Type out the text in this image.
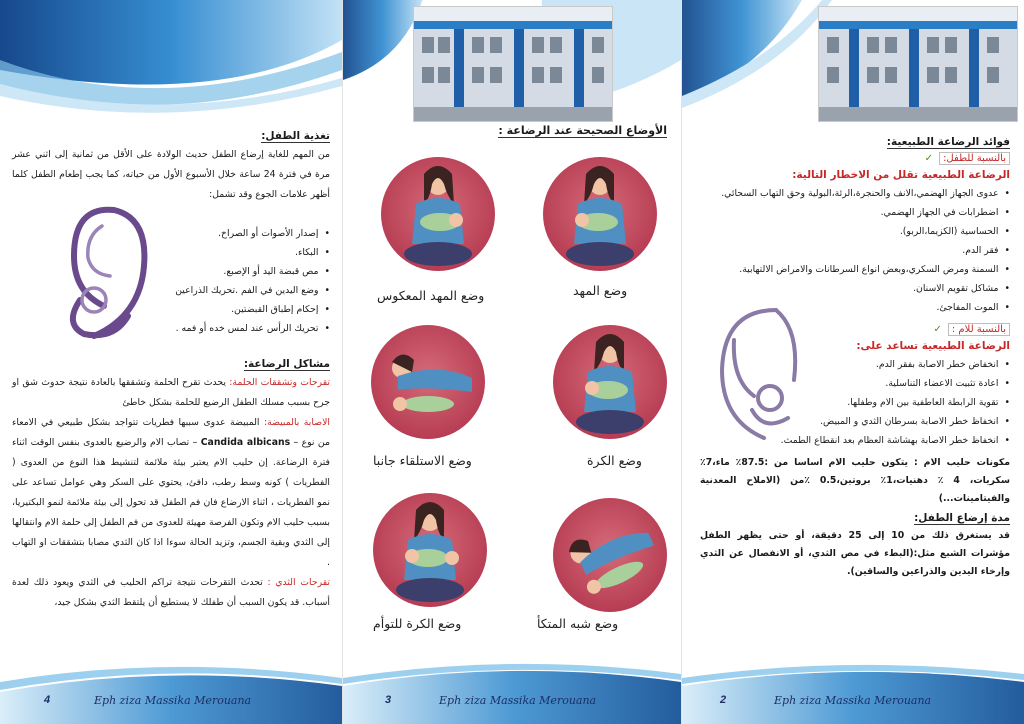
تغذية الطفل:

من المهم للغاية إرضاع الطفل حديث الولادة على الأقل من ثمانية إلى اثني عشر مرة في فترة 24 ساعة خلال الأسبوع الأول من حياته، كما يجب إطعام الطفل كلما أظهر علامات الجوع وقد تشمل:

• إصدار الأصوات أو الصراخ.
• البكاء.
• مص قبضة اليد أو الإصبع.
• وضع اليدين في الفم .تحريك الذراعين
• إحكام إطباق القبضتين.
• تحريك الرأس عند لمس خده أو فمه .
مشاكل الرضاعة:

تقرحات وتشققات الحلمة: يحدث تقرح الحلمة وتشققها بالعادة نتيجة حدوث شق او جرح بسبب مسلك الطفل الرضيع للحلمة بشكل خاطئ

الاصابة بالمبيضة: المبيضة عدوى سببها فطريات تتواجد بشكل طبيعي في الامعاء من نوع – Candida albicans – تصاب الام والرضيع بالعدوى بنفس الوقت اثناء فترة الرضاعة. إن حليب الام يعتبر بيئة ملائمة لتنشيط هذا النوع من العدوى ( الفطريات ) كونه وسط رطب، دافئ، يحتوي على السكر وهي عوامل تساعد على نمو الفطريات ، اثناء الارضاع فان فم الطفل قد تحول إلى بيئة ملائمة لنمو البكتيريا، بسبب حليب الام وتكون الفرصة مهيئة للعدوى من فم الطفل إلى حلمة الام وانتقالها إلى الثدي وبقية الجسم، وتزيد الحالة سوءا اذا كان الثدي مصابا بتشققات او التهاب .

تقرحات الثدي : تحدث التقرحات نتيجة تراكم الحليب في الثدي ويعود ذلك لعدة أسباب. قد يكون السبب أن طفلك لا يستطيع أن يلتقط الثدي بشكل جيد،

4	Eph ziza Massika Merouana
الأوضاع الصحيحة عند الرضاعة :
وضع المهد
وضع المهد المعكوس
وضع الكرة
وضع الاستلقاء جانبا
وضع شبه المتكأ
وضع الكرة للتوأم
3	Eph ziza Massika Merouana
فوائد الرضاعة الطبيعية:
بالنسبة للطفل:
✓
الرضاعة الطبيعية تقلل من الاخطار التالية:
• عدوى الجهاز الهضمي،الانف والحنجرة،الرئة،البولية وحق التهاب السحائي.
• اضطرابات في الجهاز الهضمي.
• الحساسية (الكزيما،الربو).
• فقر الدم.
• السمنة ومرض السكري،وبعض انواع السرطانات والامراض الالتهابية.
• مشاكل تقويم الاسنان.
• الموت المفاجئ.
بالنسبة للام :
✓
الرضاعة الطبيعية تساعد على:
• انخفاض خطر الاصابة بفقر الدم.
• اعادة تثبيت الاعضاء التناسلية.
• تقوية الرابطة العاطفية بين الام وطفلها.
• انخفاظ خطر الاصابة بسرطان الثدي و المبيض.
• انخفاظ خطر الاصابة بهشاشة العظام بعد انقطاع الطمث.

مكونات حليب الام : يتكون حليب الام اساسا من :87.5٪ ماء،7٪ سكريات، 4 ٪ دهنيات،1٪ بروتين،0.5 ٪من (الاملاح المعدنية والفيتامينات...)

مدة إرضاع الطفل:

قد يستغرق ذلك من 10 إلى 25 دقيقة، أو حتى يظهر الطفل مؤشرات الشبع مثل:(البطء في مص الثدي، أو الانفصال عن الثدي وإرخاء اليدين والذراعين والساقين).

2	Eph ziza Massika Merouana
